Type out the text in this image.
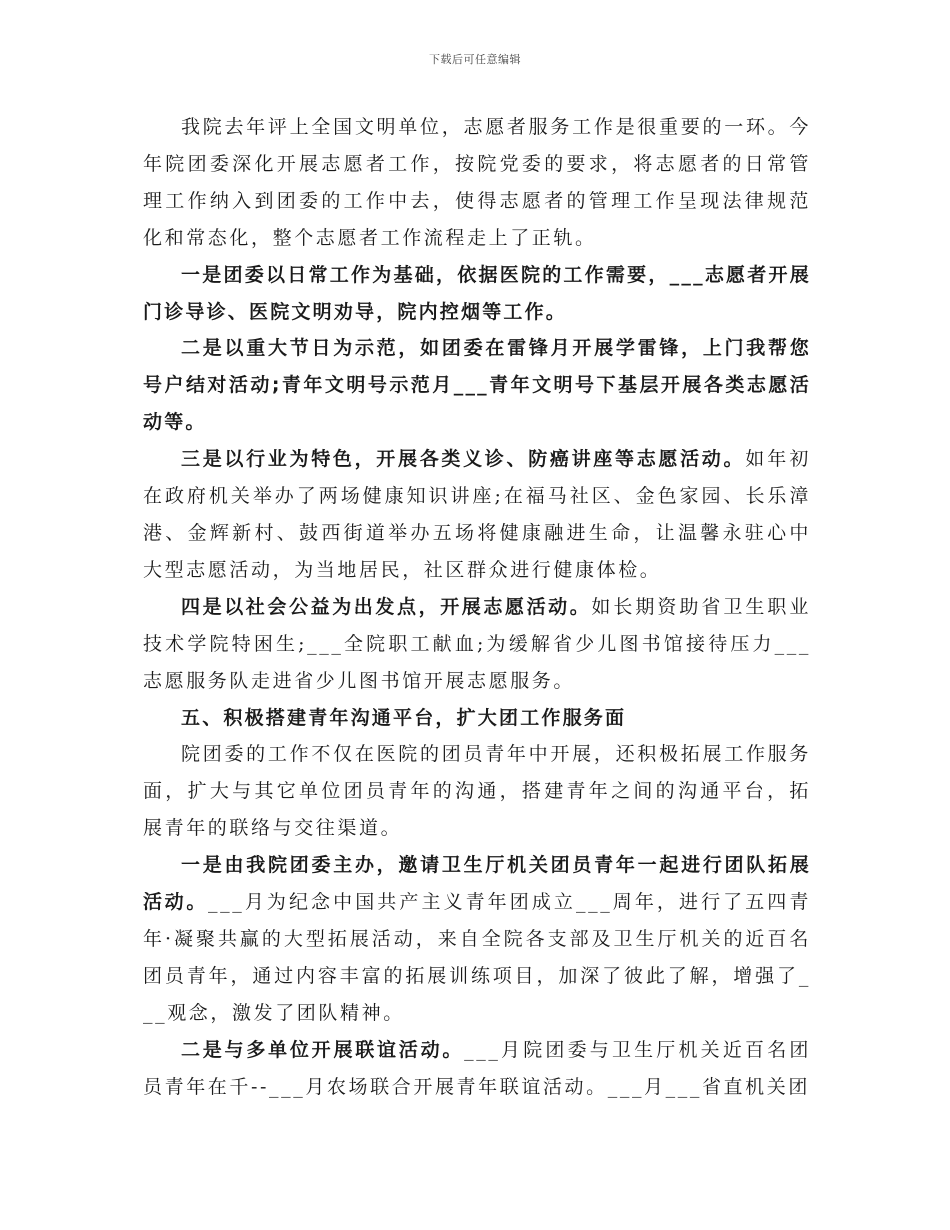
下载后可任意编辑

我院去年评上全国文明单位，志愿者服务工作是很重要的一环。今年院团委深化开展志愿者工作，按院党委的要求，将志愿者的日常管理工作纳入到团委的工作中去，使得志愿者的管理工作呈现法律规范化和常态化，整个志愿者工作流程走上了正轨。

一是团委以日常工作为基础，依据医院的工作需要，___志愿者开展门诊导诊、医院文明劝导，院内控烟等工作。

二是以重大节日为示范，如团委在雷锋月开展学雷锋，上门我帮您号户结对活动;青年文明号示范月___青年文明号下基层开展各类志愿活动等。

三是以行业为特色，开展各类义诊、防癌讲座等志愿活动。如年初在政府机关举办了两场健康知识讲座;在福马社区、金色家园、长乐漳港、金辉新村、鼓西街道举办五场将健康融进生命，让温馨永驻心中大型志愿活动，为当地居民，社区群众进行健康体检。

四是以社会公益为出发点，开展志愿活动。如长期资助省卫生职业技术学院特困生;___全院职工献血;为缓解省少儿图书馆接待压力___志愿服务队走进省少儿图书馆开展志愿服务。

五、积极搭建青年沟通平台，扩大团工作服务面

院团委的工作不仅在医院的团员青年中开展，还积极拓展工作服务面，扩大与其它单位团员青年的沟通，搭建青年之间的沟通平台，拓展青年的联络与交往渠道。

一是由我院团委主办，邀请卫生厅机关团员青年一起进行团队拓展活动。___月为纪念中国共产主义青年团成立___周年，进行了五四青年·凝聚共赢的大型拓展活动，来自全院各支部及卫生厅机关的近百名团员青年，通过内容丰富的拓展训练项目，加深了彼此了解，增强了___观念，激发了团队精神。

二是与多单位开展联谊活动。___月院团委与卫生厅机关近百名团员青年在千--___月农场联合开展青年联谊活动。___月___省直机关团
